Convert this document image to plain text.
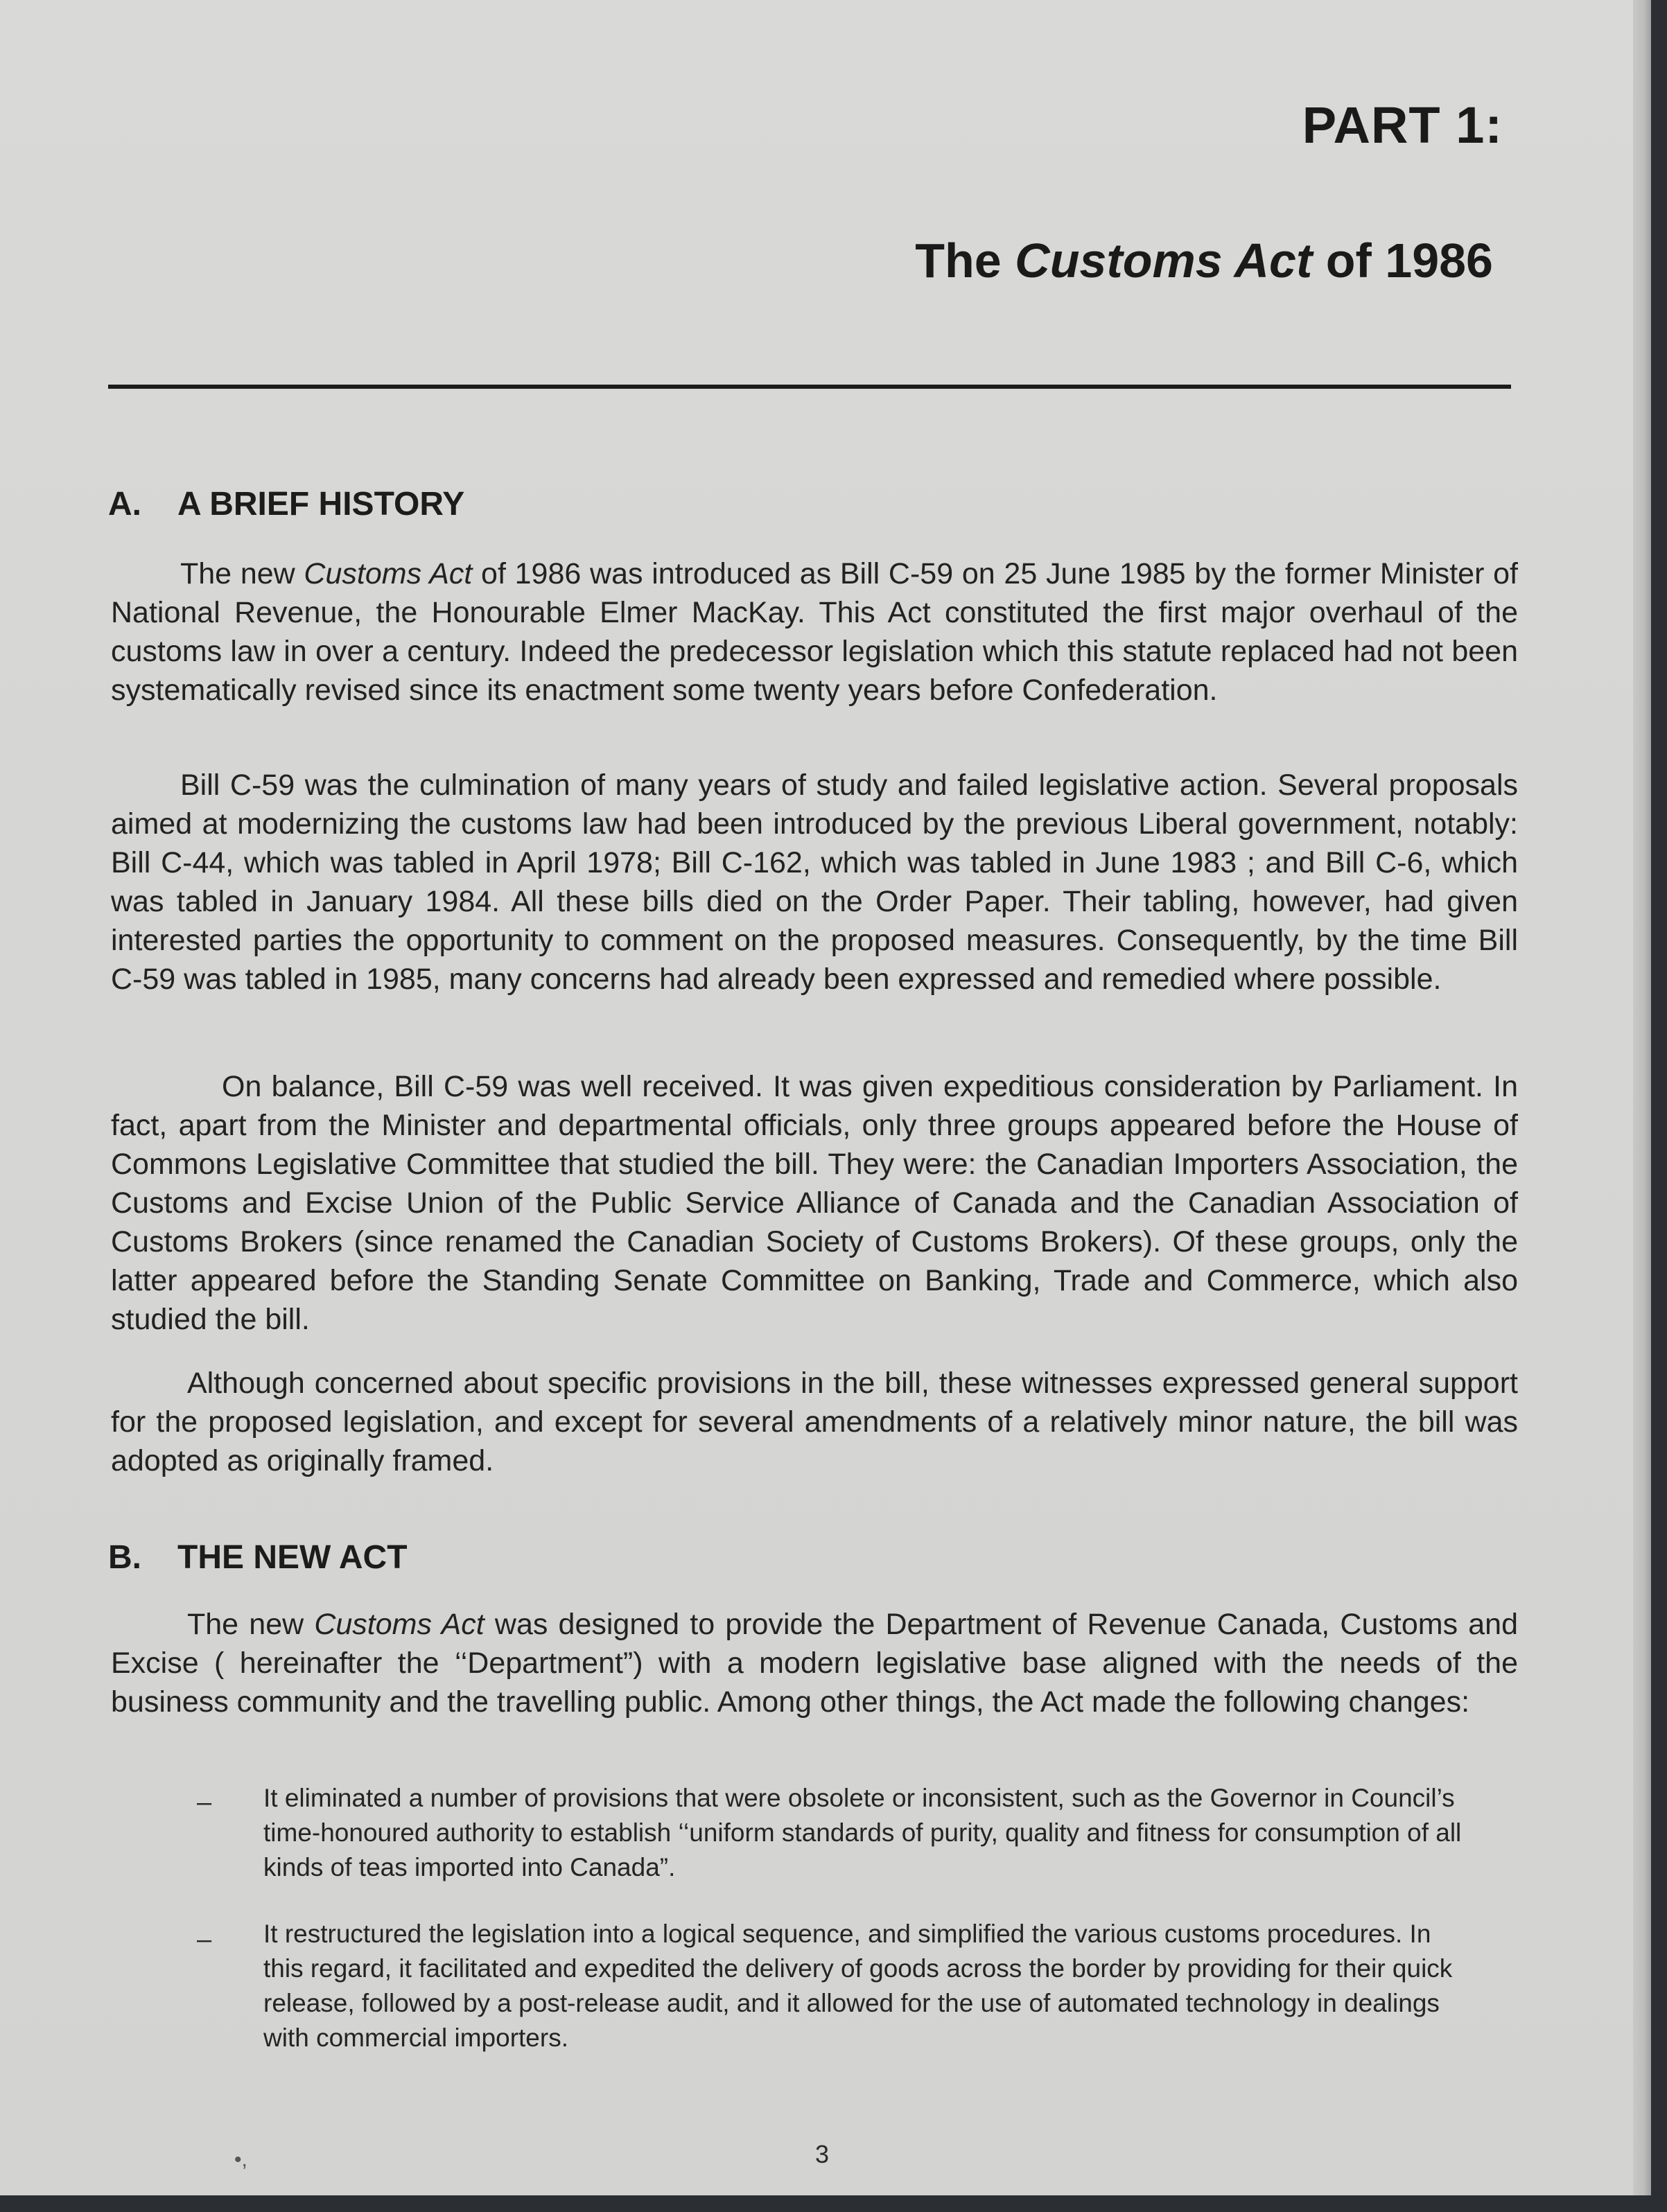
PART 1:
The Customs Act of 1986
A. A BRIEF HISTORY
The new Customs Act of 1986 was introduced as Bill C-59 on 25 June 1985 by the former Minister of National Revenue, the Honourable Elmer MacKay. This Act constituted the first major overhaul of the customs law in over a century. Indeed the predecessor legislation which this statute replaced had not been systematically revised since its enactment some twenty years before Confederation.
Bill C-59 was the culmination of many years of study and failed legislative action. Several proposals aimed at modernizing the customs law had been introduced by the previous Liberal government, notably: Bill C-44, which was tabled in April 1978; Bill C-162, which was tabled in June 1983 ; and Bill C-6, which was tabled in January 1984. All these bills died on the Order Paper. Their tabling, however, had given interested parties the opportunity to comment on the proposed measures. Consequently, by the time Bill C-59 was tabled in 1985, many concerns had already been expressed and remedied where possible.
On balance, Bill C-59 was well received. It was given expeditious consideration by Parliament. In fact, apart from the Minister and departmental officials, only three groups appeared before the House of Commons Legislative Committee that studied the bill. They were: the Canadian Importers Association, the Customs and Excise Union of the Public Service Alliance of Canada and the Canadian Association of Customs Brokers (since renamed the Canadian Society of Customs Brokers). Of these groups, only the latter appeared before the Standing Senate Committee on Banking, Trade and Commerce, which also studied the bill.
Although concerned about specific provisions in the bill, these witnesses expressed general support for the proposed legislation, and except for several amendments of a relatively minor nature, the bill was adopted as originally framed.
B. THE NEW ACT
The new Customs Act was designed to provide the Department of Revenue Canada, Customs and Excise ( hereinafter the ‘‘Department”) with a modern legislative base aligned with the needs of the business community and the travelling public. Among other things, the Act made the following changes:
– It eliminated a number of provisions that were obsolete or inconsistent, such as the Governor in Council’s time-honoured authority to establish ‘‘uniform standards of purity, quality and fitness for consumption of all kinds of teas imported into Canada”.
– It restructured the legislation into a logical sequence, and simplified the various customs procedures. In this regard, it facilitated and expedited the delivery of goods across the border by providing for their quick release, followed by a post-release audit, and it allowed for the use of automated technology in dealings with commercial importers.
•,	3
